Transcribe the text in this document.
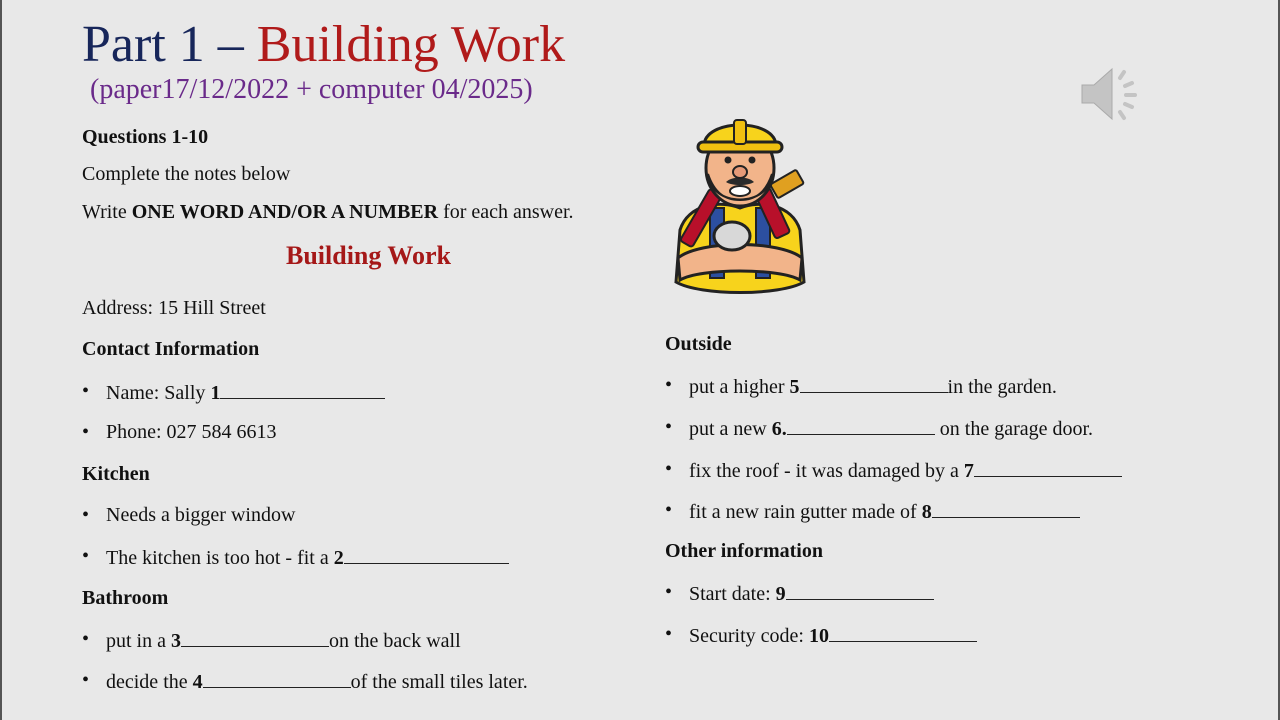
Part 1 – Building Work
(paper17/12/2022 + computer 04/2025)
Questions 1-10
Complete the notes below
Write ONE WORD AND/OR A NUMBER for each answer.
Building Work
Address: 15 Hill Street
Contact Information
• Name: Sally 1
• Phone: 027 584 6613
Kitchen
• Needs a bigger window
• The kitchen is too hot - fit a 2
Bathroom
• put in a 3	on the back wall
• decide the 4	of the small tiles later.
Outside
• put a higher 5	in the garden.
• put a new 6.	on the garage door.
• fix the roof - it was damaged by a 7
• fit a new rain gutter made of 8
Other information
• Start date: 9
• Security code: 10
